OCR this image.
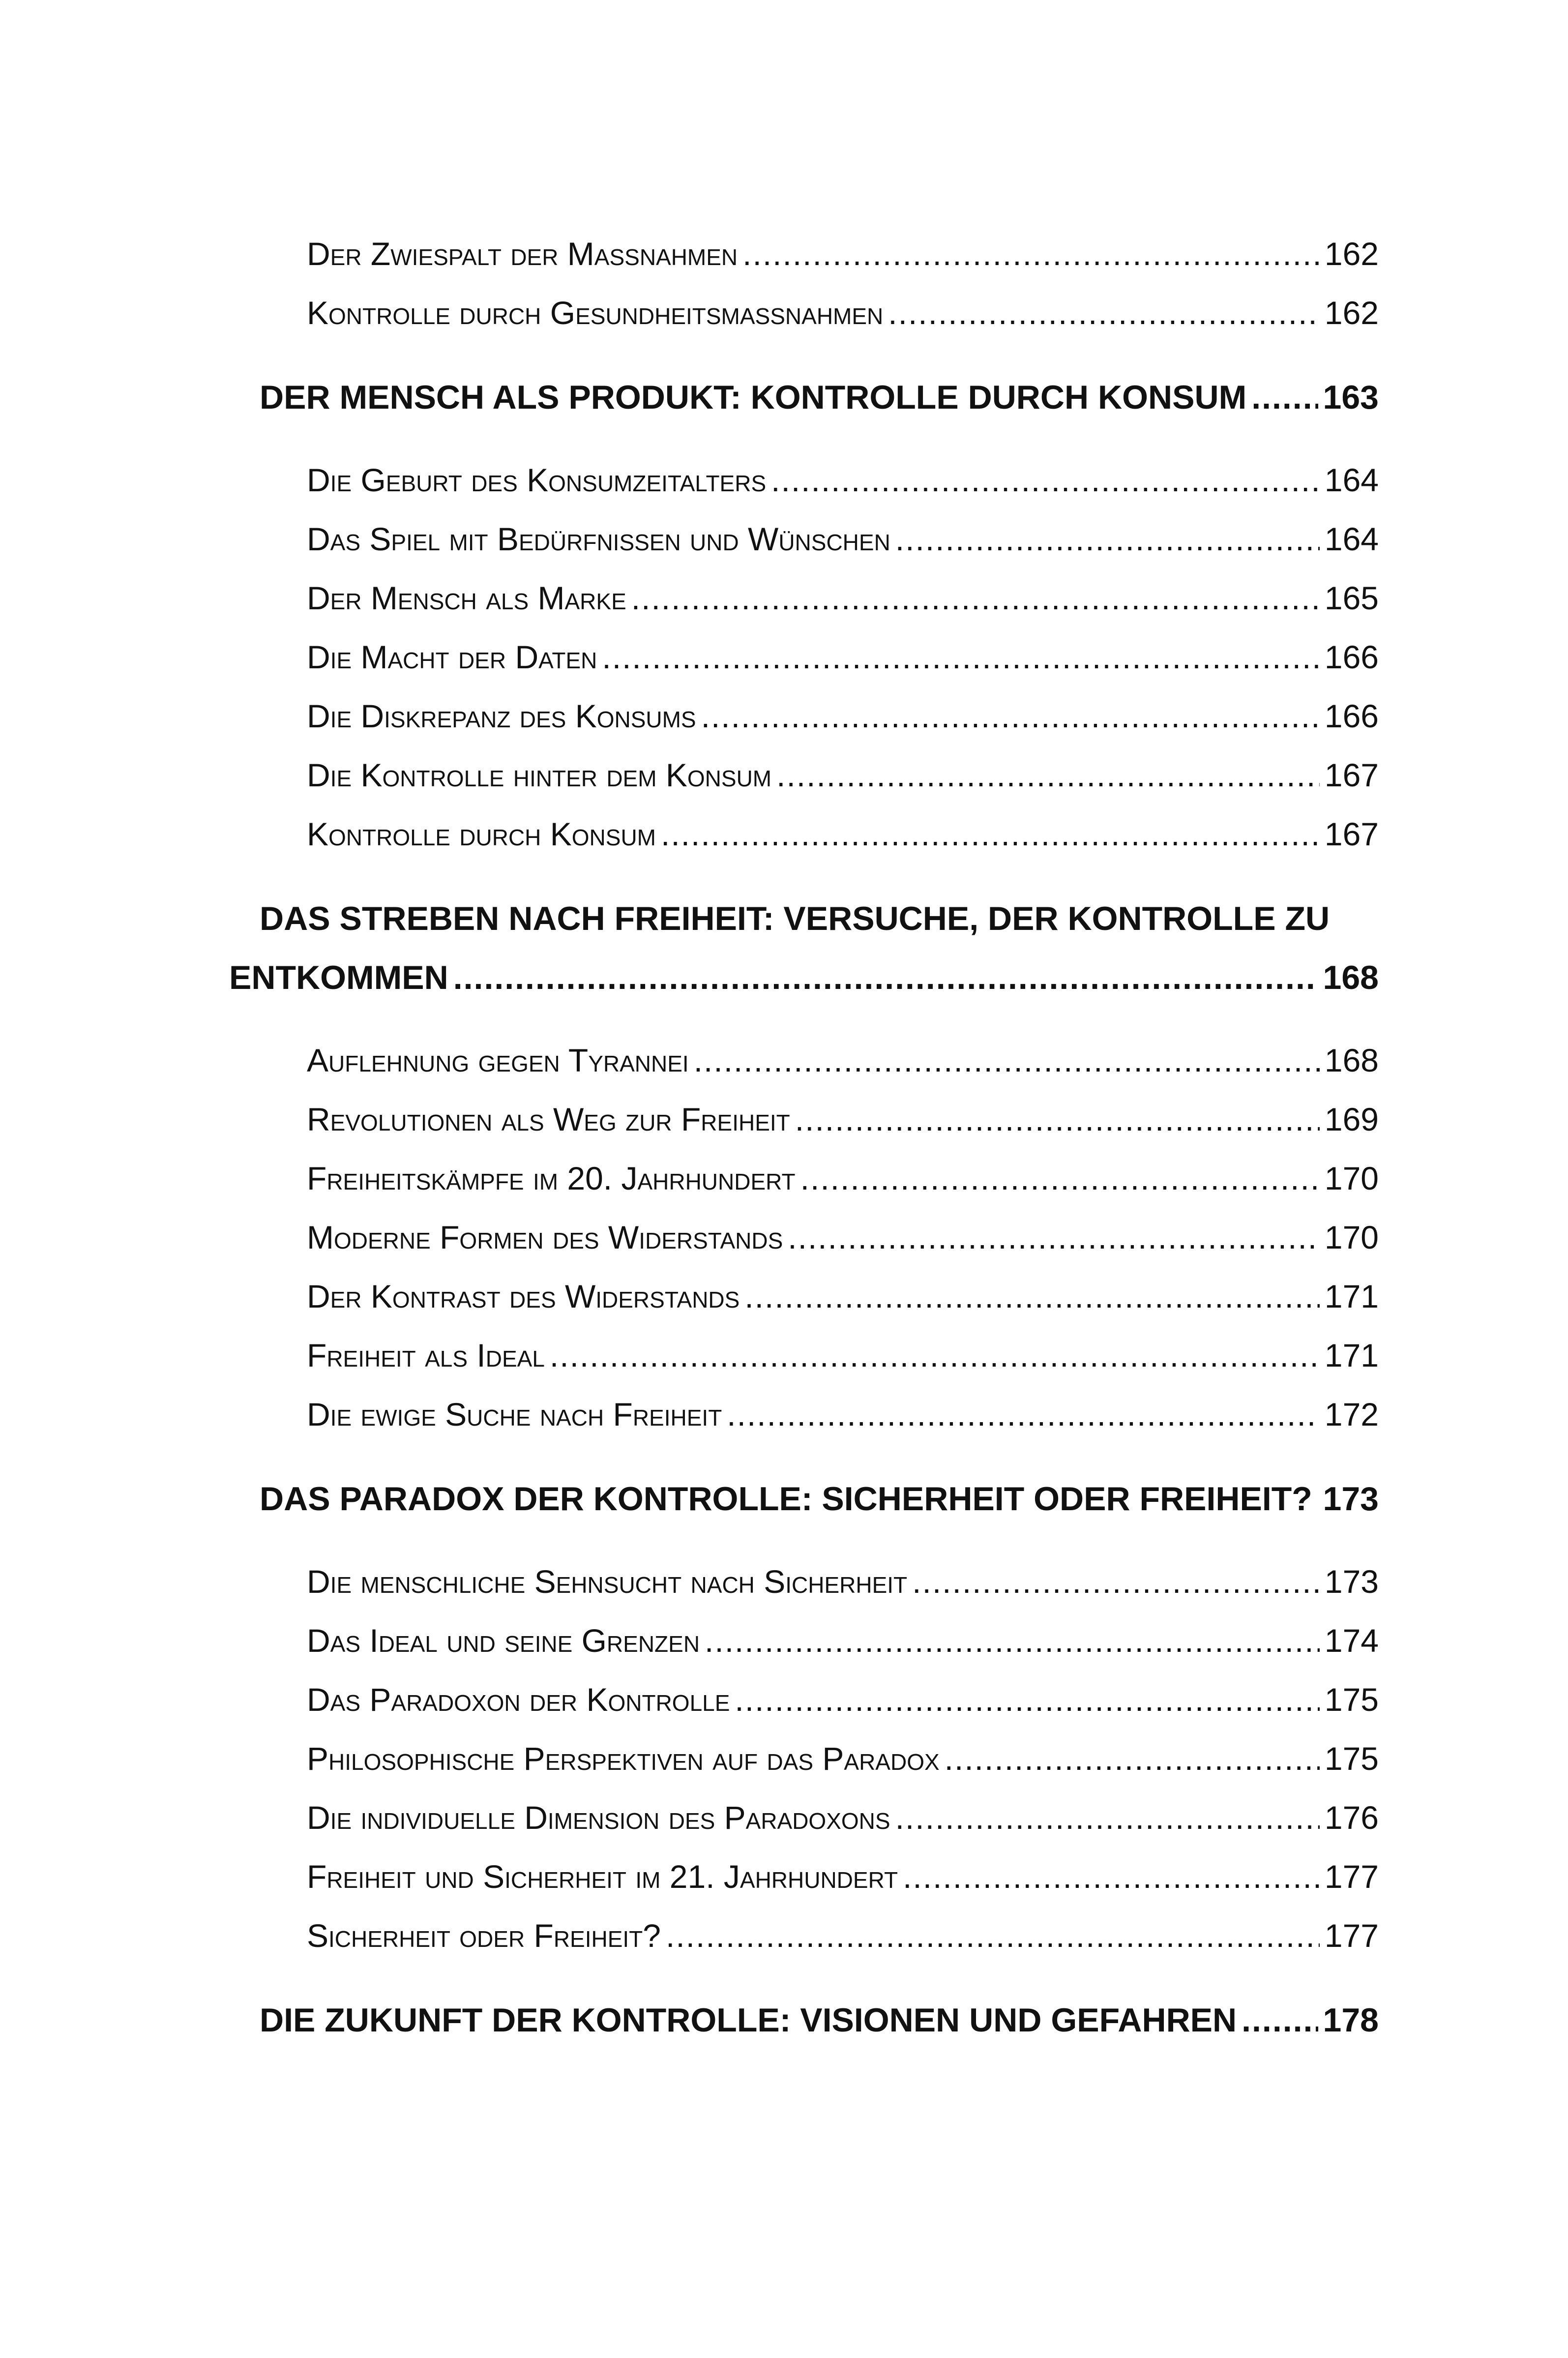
Der Zwiespalt der Maßnahmen .....	162
Kontrolle durch Gesundheitsmaßnahmen .....	162
DER MENSCH ALS PRODUKT: KONTROLLE DURCH KONSUM ..... 163
Die Geburt des Konsumzeitalters .....	164
Das Spiel mit Bedürfnissen und Wünschen .....	164
Der Mensch als Marke .....	165
Die Macht der Daten .....	166
Die Diskrepanz des Konsums .....	166
Die Kontrolle hinter dem Konsum .....	167
Kontrolle durch Konsum .....	167
DAS STREBEN NACH FREIHEIT: VERSUCHE, DER KONTROLLE ZU
ENTKOMMEN .....	168
Auflehnung gegen Tyrannei .....	168
Revolutionen als Weg zur Freiheit .....	169
Freiheitskämpfe im 20. Jahrhundert .....	170
Moderne Formen des Widerstands .....	170
Der Kontrast des Widerstands .....	171
Freiheit als Ideal .....	171
Die ewige Suche nach Freiheit .....	172
DAS PARADOX DER KONTROLLE: SICHERHEIT ODER FREIHEIT? ..... 173
Die menschliche Sehnsucht nach Sicherheit .....	173
Das Ideal und seine Grenzen .....	174
Das Paradoxon der Kontrolle .....	175
Philosophische Perspektiven auf das Paradox .....	175
Die individuelle Dimension des Paradoxons .....	176
Freiheit und Sicherheit im 21. Jahrhundert .....	177
Sicherheit oder Freiheit? .....	177
DIE ZUKUNFT DER KONTROLLE: VISIONEN UND GEFAHREN .....	178
